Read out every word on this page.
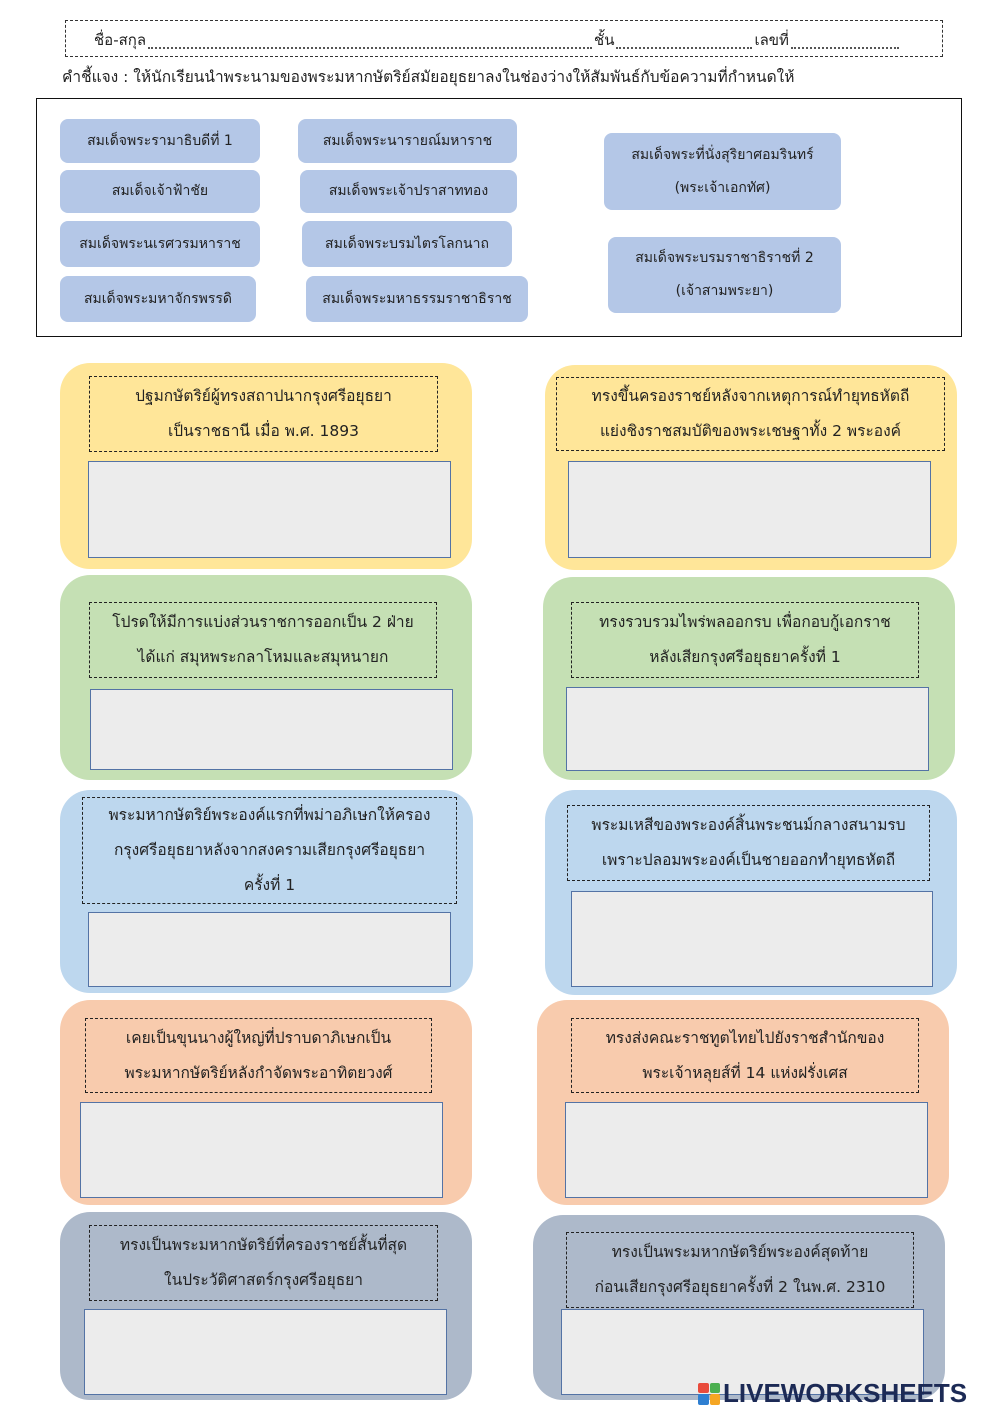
ชื่อ-สกุล	ชั้น	เลขที่
คำชี้แจง : ให้นักเรียนนำพระนามของพระมหากษัตริย์สมัยอยุธยาลงในช่องว่างให้สัมพันธ์กับข้อความที่กำหนดให้
สมเด็จพระรามาธิบดีที่ 1
สมเด็จเจ้าฟ้าชัย
สมเด็จพระนเรศวรมหาราช
สมเด็จพระมหาจักรพรรดิ
สมเด็จพระนารายณ์มหาราช
สมเด็จพระเจ้าปราสาททอง
สมเด็จพระบรมไตรโลกนาถ
สมเด็จพระมหาธรรมราชาธิราช
สมเด็จพระที่นั่งสุริยาศอมรินทร์
(พระเจ้าเอกทัศ)
สมเด็จพระบรมราชาธิราชที่ 2
(เจ้าสามพระยา)
ปฐมกษัตริย์ผู้ทรงสถาปนากรุงศรีอยุธยา
เป็นราชธานี เมื่อ พ.ศ. 1893
ทรงขึ้นครองราชย์หลังจากเหตุการณ์ทำยุทธหัตถี
แย่งชิงราชสมบัติของพระเชษฐาทั้ง 2 พระองค์
โปรดให้มีการแบ่งส่วนราชการออกเป็น 2 ฝ่าย
ได้แก่ สมุหพระกลาโหมและสมุหนายก
ทรงรวบรวมไพร่พลออกรบ เพื่อกอบกู้เอกราช
หลังเสียกรุงศรีอยุธยาครั้งที่ 1
พระมหากษัตริย์พระองค์แรกที่พม่าอภิเษกให้ครอง
กรุงศรีอยุธยาหลังจากสงครามเสียกรุงศรีอยุธยา
ครั้งที่ 1
พระมเหสีของพระองค์สิ้นพระชนม์กลางสนามรบ
เพราะปลอมพระองค์เป็นชายออกทำยุทธหัตถี
เคยเป็นขุนนางผู้ใหญ่ที่ปราบดาภิเษกเป็น
พระมหากษัตริย์หลังกำจัดพระอาทิตยวงศ์
ทรงส่งคณะราชทูตไทยไปยังราชสำนักของ
พระเจ้าหลุยส์ที่ 14 แห่งฝรั่งเศส
ทรงเป็นพระมหากษัตริย์ที่ครองราชย์สั้นที่สุด
ในประวัติศาสตร์กรุงศรีอยุธยา
ทรงเป็นพระมหากษัตริย์พระองค์สุดท้าย
ก่อนเสียกรุงศรีอยุธยาครั้งที่ 2 ในพ.ศ. 2310
LIVEWORKSHEETS
